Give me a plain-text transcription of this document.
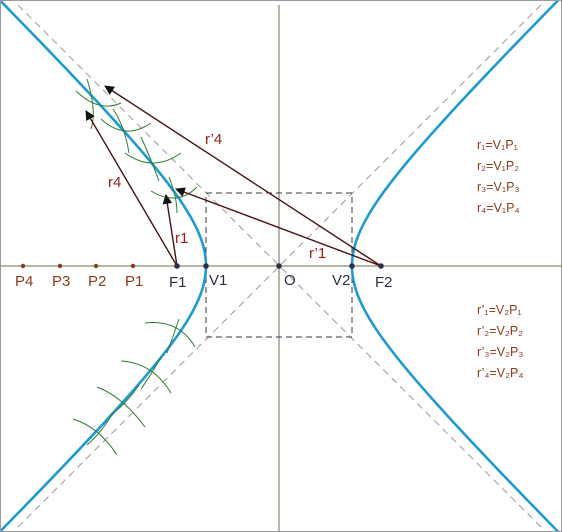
P4 P3 P2 P1 F1 V1	O V2 F2
r4
r1
r’4
r’1
r₁=V₁P₁
r₂=V₁P₂
r₃=V₁P₃
r₄=V₁P₄
r’₁=V₂P₁
r’₂=V₂P₂
r’₃=V₂P₃
r’₄=V₂P₄
